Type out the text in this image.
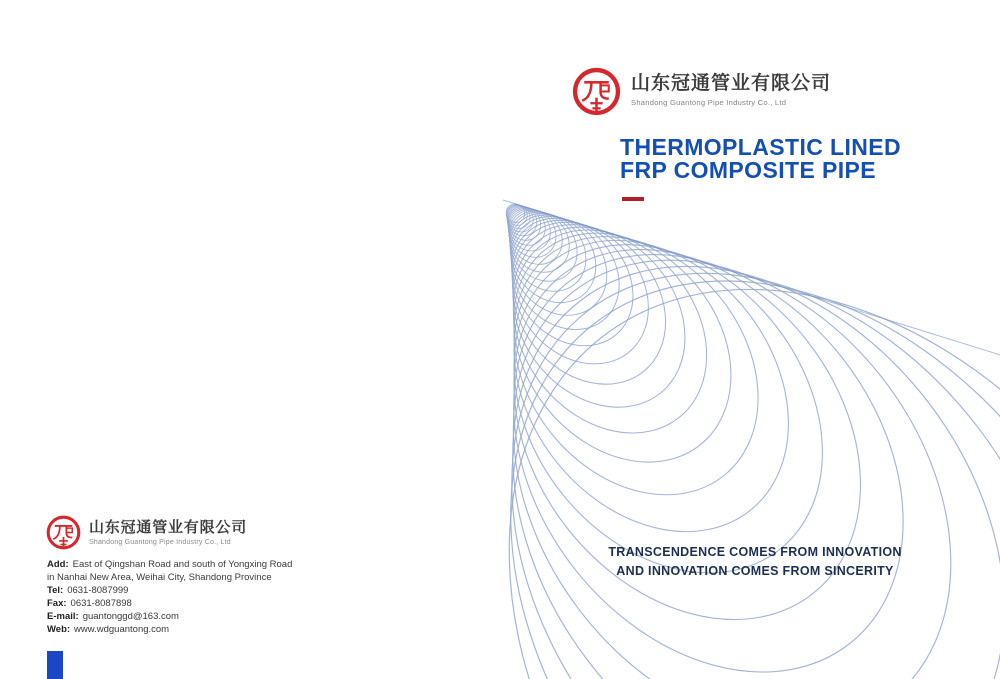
山东冠通管业有限公司
Shandong Guantong Pipe Industry Co., Ltd
THERMOPLASTIC LINED
FRP COMPOSITE PIPE
TRANSCENDENCE COMES FROM INNOVATION
AND INNOVATION COMES FROM SINCERITY
山东冠通管业有限公司
Shandong Guantong Pipe Industry Co., Ltd
Add: East of Qingshan Road and south of Yongxing Road in Nanhai New Area, Weihai City, Shandong Province
Tel: 0631-8087999
Fax: 0631-8087898
E-mail: guantonggd@163.com
Web: www.wdguantong.com
